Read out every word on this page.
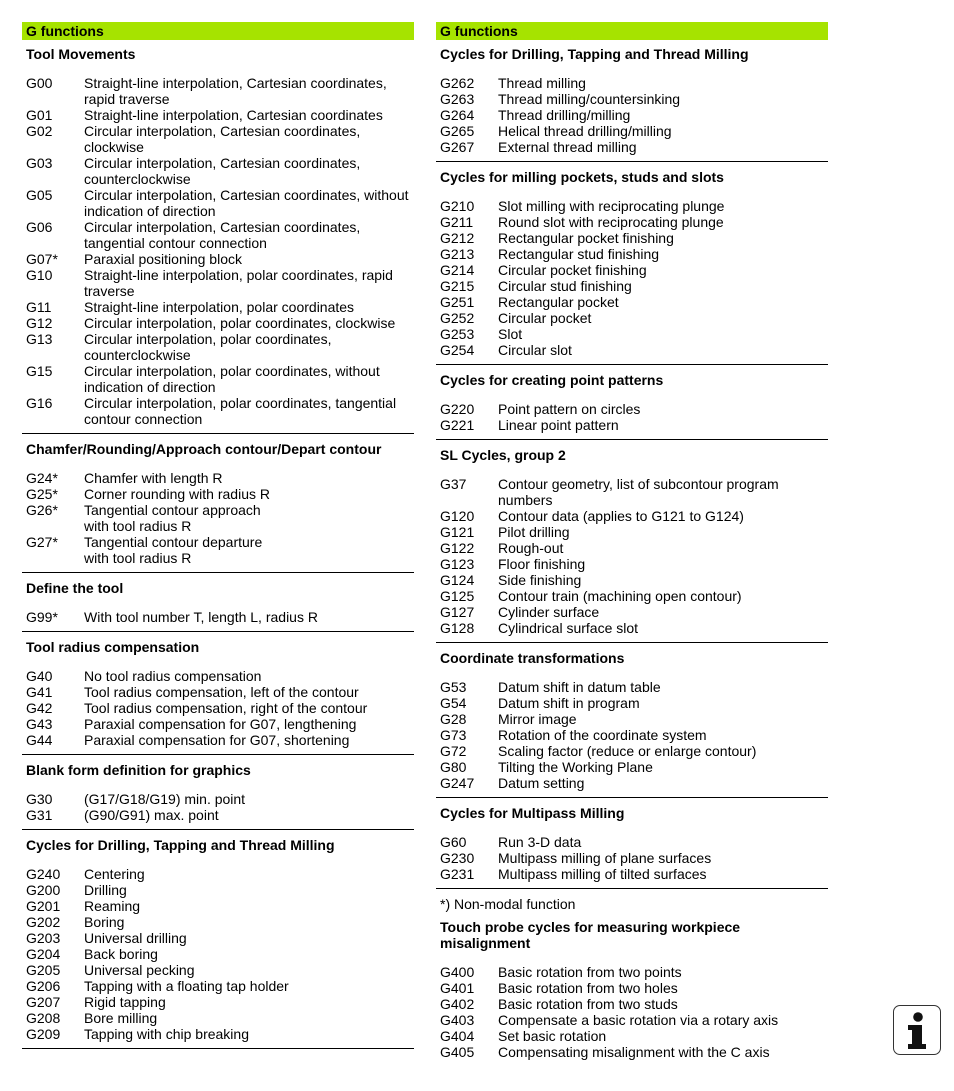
G functions
Tool Movements
G00	Straight-line interpolation, Cartesian coordinates, rapid traverse
G01	Straight-line interpolation, Cartesian coordinates
G02	Circular interpolation, Cartesian coordinates, clockwise
G03	Circular interpolation, Cartesian coordinates, counterclockwise
G05	Circular interpolation, Cartesian coordinates, without indication of direction
G06	Circular interpolation, Cartesian coordinates, tangential contour connection
G07*	Paraxial positioning block
G10	Straight-line interpolation, polar coordinates, rapid traverse
G11	Straight-line interpolation, polar coordinates
G12	Circular interpolation, polar coordinates, clockwise
G13	Circular interpolation, polar coordinates, counterclockwise
G15	Circular interpolation, polar coordinates, without indication of direction
G16	Circular interpolation, polar coordinates, tangential contour connection
Chamfer/Rounding/Approach contour/Depart contour
G24*	Chamfer with length R
G25*	Corner rounding with radius R
G26*	Tangential contour approach
with tool radius R
G27*	Tangential contour departure
with tool radius R
Define the tool
G99*	With tool number T, length L, radius R
Tool radius compensation
G40	No tool radius compensation
G41	Tool radius compensation, left of the contour
G42	Tool radius compensation, right of the contour
G43	Paraxial compensation for G07, lengthening
G44	Paraxial compensation for G07, shortening
Blank form definition for graphics
G30	(G17/G18/G19) min. point
G31	(G90/G91) max. point
Cycles for Drilling, Tapping and Thread Milling
G240	Centering
G200	Drilling
G201	Reaming
G202	Boring
G203	Universal drilling
G204	Back boring
G205	Universal pecking
G206	Tapping with a floating tap holder
G207	Rigid tapping
G208	Bore milling
G209	Tapping with chip breaking
G functions
Cycles for Drilling, Tapping and Thread Milling
G262	Thread milling
G263	Thread milling/countersinking
G264	Thread drilling/milling
G265	Helical thread drilling/milling
G267	External thread milling
Cycles for milling pockets, studs and slots
G210	Slot milling with reciprocating plunge
G211	Round slot with reciprocating plunge
G212	Rectangular pocket finishing
G213	Rectangular stud finishing
G214	Circular pocket finishing
G215	Circular stud finishing
G251	Rectangular pocket
G252	Circular pocket
G253	Slot
G254	Circular slot
Cycles for creating point patterns
G220	Point pattern on circles
G221	Linear point pattern
SL Cycles, group 2
G37	Contour geometry, list of subcontour program numbers
G120	Contour data (applies to G121 to G124)
G121	Pilot drilling
G122	Rough-out
G123	Floor finishing
G124	Side finishing
G125	Contour train (machining open contour)
G127	Cylinder surface
G128	Cylindrical surface slot
Coordinate transformations
G53	Datum shift in datum table
G54	Datum shift in program
G28	Mirror image
G73	Rotation of the coordinate system
G72	Scaling factor (reduce or enlarge contour)
G80	Tilting the Working Plane
G247	Datum setting
Cycles for Multipass Milling
G60	Run 3-D data
G230	Multipass milling of plane surfaces
G231	Multipass milling of tilted surfaces
*) Non-modal function
Touch probe cycles for measuring workpiece misalignment
G400	Basic rotation from two points
G401	Basic rotation from two holes
G402	Basic rotation from two studs
G403	Compensate a basic rotation via a rotary axis
G404	Set basic rotation
G405	Compensating misalignment with the C axis
